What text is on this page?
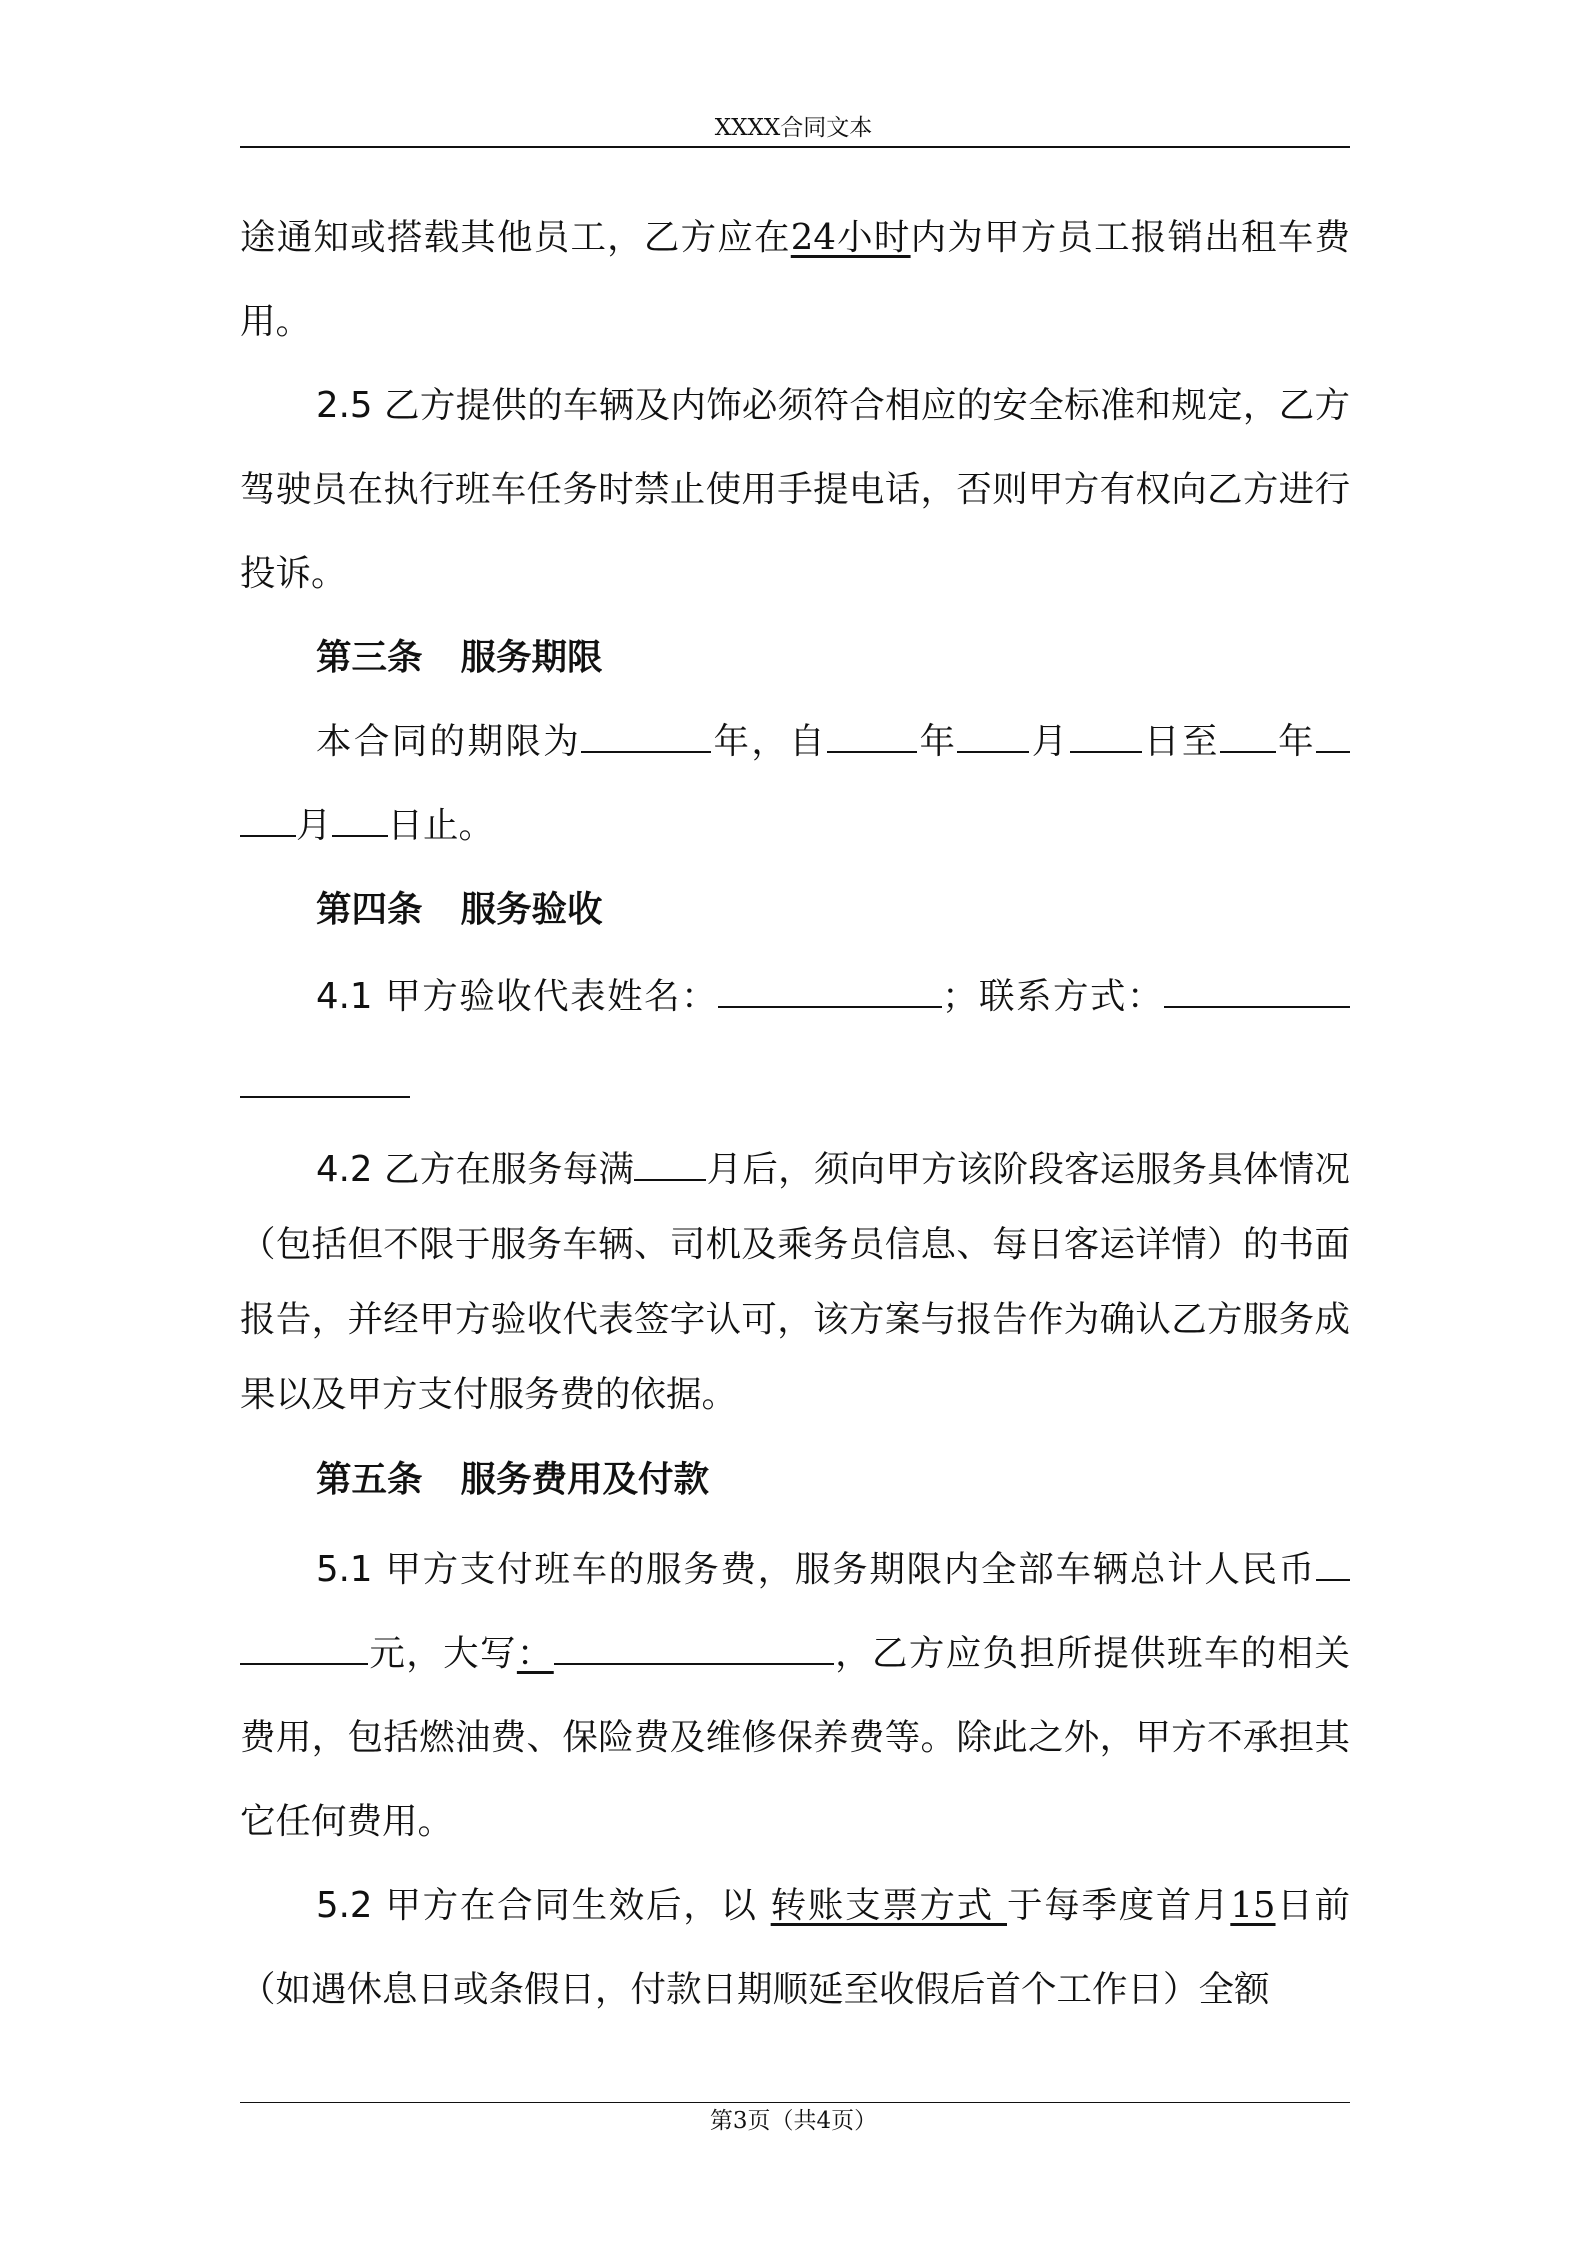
XXXX合同文本

途通知或搭载其他员工，乙方应在24小时内为甲方员工报销出租车费用。

2.5 乙方提供的车辆及内饰必须符合相应的安全标准和规定，乙方驾驶员在执行班车任务时禁止使用手提电话，否则甲方有权向乙方进行投诉。

第三条 服务期限

本合同的期限为	年，自	年 月 日至 年月 日止。

第四条 服务验收

4.1 甲方验收代表姓名：	；联系方式：

4.2 乙方在服务每满 月后，须向甲方该阶段客运服务具体情况（包括但不限于服务车辆、司机及乘务员信息、每日客运详情）的书面报告，并经甲方验收代表签字认可，该方案与报告作为确认乙方服务成果以及甲方支付服务费的依据。

第五条 服务费用及付款

5.1 甲方支付班车的服务费，服务期限内全部车辆总计人民币元，大写：	，乙方应负担所提供班车的相关费用，包括燃油费、保险费及维修保养费等。除此之外，甲方不承担其它任何费用。

5.2 甲方在合同生效后，以 转账支票方式 于每季度首月15日前（如遇休息日或条假日，付款日期顺延至收假后首个工作日）全额

第3页（共4页）
